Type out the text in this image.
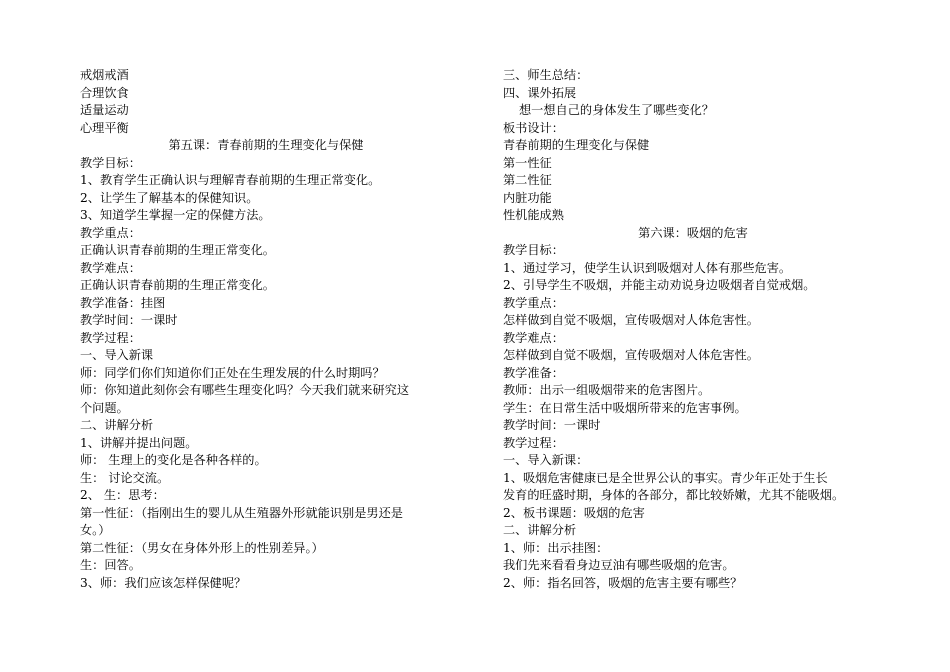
戒烟戒酒
合理饮食
适量运动
心理平衡
第五课：青春前期的生理变化与保健
教学目标：
1、教育学生正确认识与理解青春前期的生理正常变化。
2、让学生了解基本的保健知识。
3、知道学生掌握一定的保健方法。
教学重点：
正确认识青春前期的生理正常变化。
教学难点：
正确认识青春前期的生理正常变化。
教学准备：挂图
教学时间：一课时
教学过程：
一、导入新课
师：同学们你们知道你们正处在生理发展的什么时期吗？
师：你知道此刻你会有哪些生理变化吗？今天我们就来研究这
个问题。
二、讲解分析
1、讲解并提出问题。
师： 生理上的变化是各种各样的。
生： 讨论交流。
2、 生：思考：
第一性征：（指刚出生的婴儿从生殖器外形就能识别是男还是
女。）
第二性征：（男女在身体外形上的性别差异。）
生：回答。
3、师：我们应该怎样保健呢？
三、师生总结：
四、课外拓展
想一想自己的身体发生了哪些变化？
板书设计：
青春前期的生理变化与保健
第一性征
第二性征
内脏功能
性机能成熟
第六课：吸烟的危害
教学目标：
1、通过学习，使学生认识到吸烟对人体有那些危害。
2、引导学生不吸烟，并能主动劝说身边吸烟者自觉戒烟。
教学重点：
怎样做到自觉不吸烟，宣传吸烟对人体危害性。
教学难点：
怎样做到自觉不吸烟，宣传吸烟对人体危害性。
教学准备：
教师：出示一组吸烟带来的危害图片。
学生：在日常生活中吸烟所带来的危害事例。
教学时间：一课时
教学过程：
一、导入新课：
1、吸烟危害健康已是全世界公认的事实。青少年正处于生长
发育的旺盛时期，身体的各部分，都比较娇嫩，尤其不能吸烟。
2、板书课题：吸烟的危害
二、讲解分析
1、师：出示挂图：
我们先来看看身边豆油有哪些吸烟的危害。
2、师：指名回答，吸烟的危害主要有哪些？
